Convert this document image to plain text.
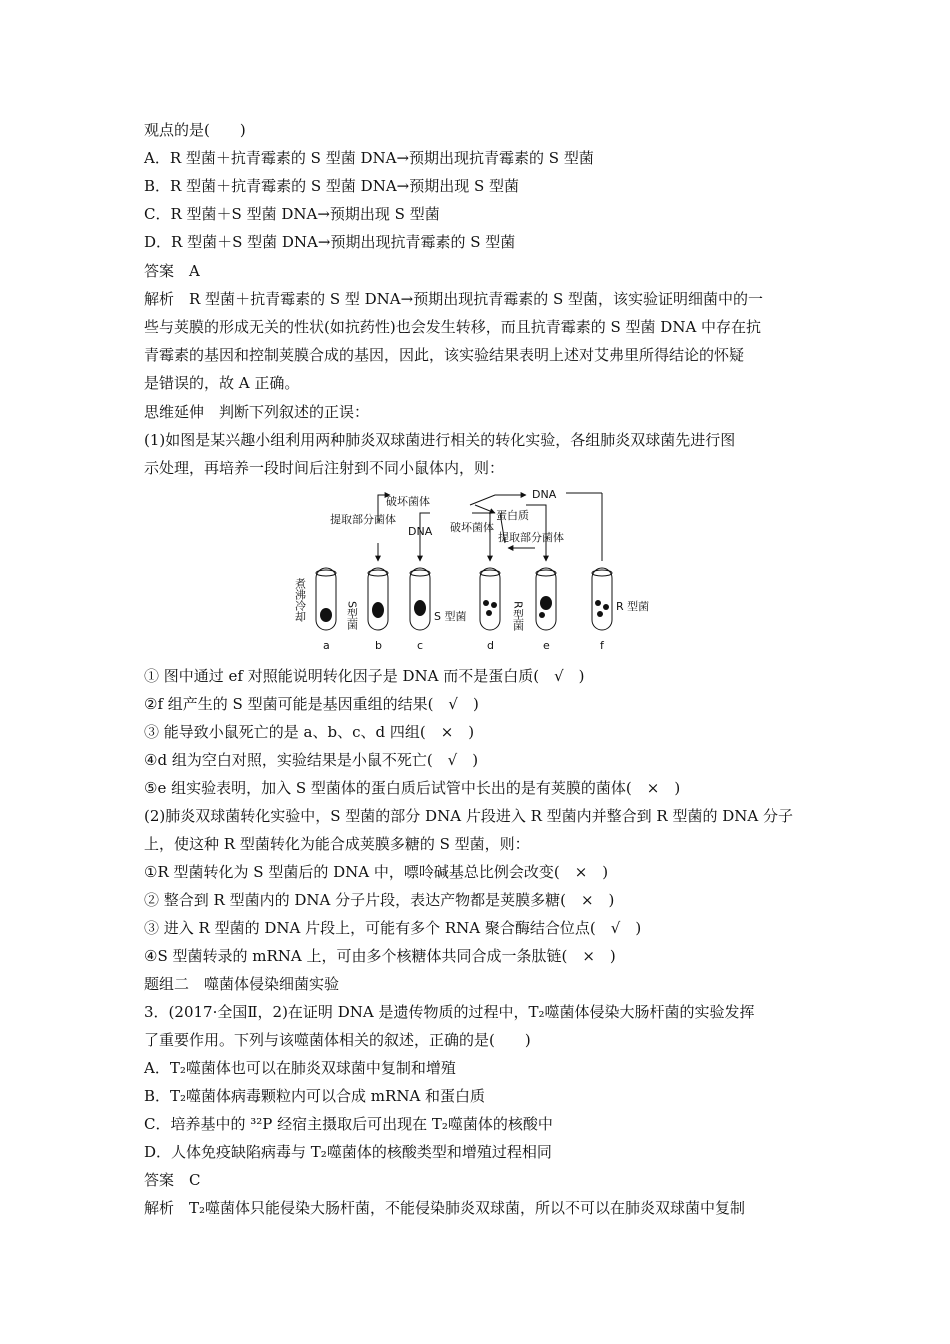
观点的是(　　)
A．R 型菌＋抗青霉素的 S 型菌 DNA→预期出现抗青霉素的 S 型菌
B．R 型菌＋抗青霉素的 S 型菌 DNA→预期出现 S 型菌
C．R 型菌＋S 型菌 DNA→预期出现 S 型菌
D．R 型菌＋S 型菌 DNA→预期出现抗青霉素的 S 型菌
答案　A
解析　R 型菌＋抗青霉素的 S 型 DNA→预期出现抗青霉素的 S 型菌，该实验证明细菌中的一
些与荚膜的形成无关的性状(如抗药性)也会发生转移，而且抗青霉素的 S 型菌 DNA 中存在抗
青霉素的基因和控制荚膜合成的基因，因此，该实验结果表明上述对艾弗里所得结论的怀疑
是错误的，故 A 正确。
思维延伸　判断下列叙述的正误：
(1)如图是某兴趣小组利用两种肺炎双球菌进行相关的转化实验，各组肺炎双球菌先进行图
示处理，再培养一段时间后注射到不同小鼠体内，则：
煮沸冷却	S型菌	R型菌
S 型菌
R 型菌
提取部分菌体
提取部分菌体
破坏菌体
破坏菌体
DNA
DNA
蛋白质
a	b	c	d	e	f
① 图中通过 ef 对照能说明转化因子是 DNA 而不是蛋白质(　√　)
②f 组产生的 S 型菌可能是基因重组的结果(　√　)
③ 能导致小鼠死亡的是 a、b、c、d 四组(　×　)
④d 组为空白对照，实验结果是小鼠不死亡(　√　)
⑤e 组实验表明，加入 S 型菌体的蛋白质后试管中长出的是有荚膜的菌体(　×　)
(2)肺炎双球菌转化实验中，S 型菌的部分 DNA 片段进入 R 型菌内并整合到 R 型菌的 DNA 分子
上，使这种 R 型菌转化为能合成荚膜多糖的 S 型菌，则：
①R 型菌转化为 S 型菌后的 DNA 中，嘌呤碱基总比例会改变(　×　)
② 整合到 R 型菌内的 DNA 分子片段，表达产物都是荚膜多糖(　×　)
③ 进入 R 型菌的 DNA 片段上，可能有多个 RNA 聚合酶结合位点(　√　)
④S 型菌转录的 mRNA 上，可由多个核糖体共同合成一条肽链(　×　)
题组二　噬菌体侵染细菌实验
3．(2017·全国Ⅱ，2)在证明 DNA 是遗传物质的过程中，T₂噬菌体侵染大肠杆菌的实验发挥
了重要作用。下列与该噬菌体相关的叙述，正确的是(　　)
A．T₂噬菌体也可以在肺炎双球菌中复制和增殖
B．T₂噬菌体病毒颗粒内可以合成 mRNA 和蛋白质
C．培养基中的 ³²P 经宿主摄取后可出现在 T₂噬菌体的核酸中
D．人体免疫缺陷病毒与 T₂噬菌体的核酸类型和增殖过程相同
答案　C
解析　T₂噬菌体只能侵染大肠杆菌，不能侵染肺炎双球菌，所以不可以在肺炎双球菌中复制
